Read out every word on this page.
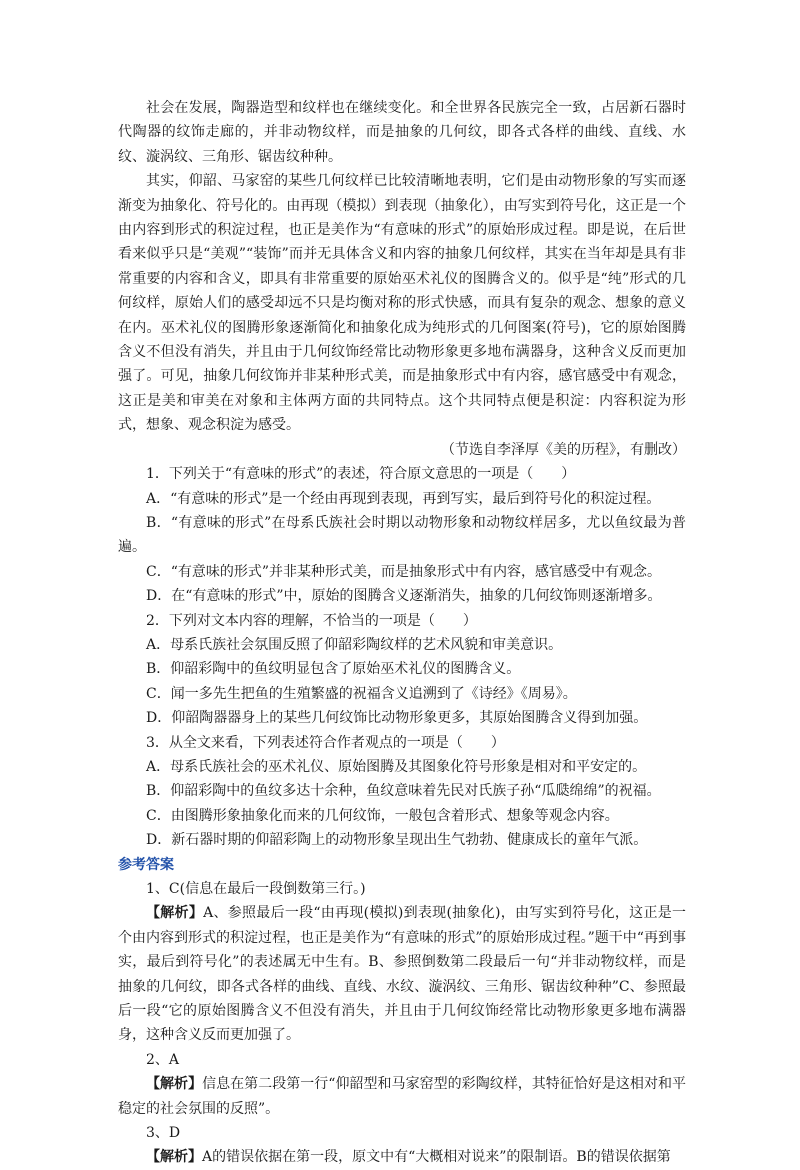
社会在发展，陶器造型和纹样也在继续变化。和全世界各民族完全一致，占居新石器时代陶器的纹饰走廊的，并非动物纹样，而是抽象的几何纹，即各式各样的曲线、直线、水纹、漩涡纹、三角形、锯齿纹种种。

其实，仰韶、马家窑的某些几何纹样已比较清晰地表明，它们是由动物形象的写实而逐渐变为抽象化、符号化的。由再现（模拟）到表现（抽象化），由写实到符号化，这正是一个由内容到形式的积淀过程，也正是美作为“有意味的形式”的原始形成过程。即是说，在后世看来似乎只是“美观”“装饰”而并无具体含义和内容的抽象几何纹样，其实在当年却是具有非常重要的内容和含义，即具有非常重要的原始巫术礼仪的图腾含义的。似乎是“纯”形式的几何纹样，原始人们的感受却远不只是均衡对称的形式快感，而具有复杂的观念、想象的意义在内。巫术礼仪的图腾形象逐渐简化和抽象化成为纯形式的几何图案(符号)，它的原始图腾含义不但没有消失，并且由于几何纹饰经常比动物形象更多地布满器身，这种含义反而更加强了。可见，抽象几何纹饰并非某种形式美，而是抽象形式中有内容，感官感受中有观念，这正是美和审美在对象和主体两方面的共同特点。这个共同特点便是积淀：内容积淀为形式，想象、观念积淀为感受。

（节选自李泽厚《美的历程》，有删改）

1．下列关于“有意味的形式”的表述，符合原文意思的一项是（　　）

A．“有意味的形式”是一个经由再现到表现，再到写实，最后到符号化的积淀过程。

B．“有意味的形式”在母系氏族社会时期以动物形象和动物纹样居多，尤以鱼纹最为普遍。

C．“有意味的形式”并非某种形式美，而是抽象形式中有内容，感官感受中有观念。

D．在“有意味的形式”中，原始的图腾含义逐渐消失，抽象的几何纹饰则逐渐增多。

2．下列对文本内容的理解，不恰当的一项是（　　）

A．母系氏族社会氛围反照了仰韶彩陶纹样的艺术风貌和审美意识。

B．仰韶彩陶中的鱼纹明显包含了原始巫术礼仪的图腾含义。

C．闻一多先生把鱼的生殖繁盛的祝福含义追溯到了《诗经》《周易》。

D．仰韶陶器器身上的某些几何纹饰比动物形象更多，其原始图腾含义得到加强。

3．从全文来看，下列表述符合作者观点的一项是（　　）

A．母系氏族社会的巫术礼仪、原始图腾及其图象化符号形象是相对和平安定的。

B．仰韶彩陶中的鱼纹多达十余种，鱼纹意味着先民对氏族子孙“瓜瓞绵绵”的祝福。

C．由图腾形象抽象化而来的几何纹饰，一般包含着形式、想象等观念内容。

D．新石器时期的仰韶彩陶上的动物形象呈现出生气勃勃、健康成长的童年气派。

参考答案

1、C(信息在最后一段倒数第三行。)

【解析】A、参照最后一段“由再现(模拟)到表现(抽象化)，由写实到符号化，这正是一个由内容到形式的积淀过程，也正是美作为“有意味的形式”的原始形成过程。”题干中“再到事实，最后到符号化”的表述属无中生有。B、参照倒数第二段最后一句“并非动物纹样，而是抽象的几何纹，即各式各样的曲线、直线、水纹、漩涡纹、三角形、锯齿纹种种”C、参照最后一段“它的原始图腾含义不但没有消失，并且由于几何纹饰经常比动物形象更多地布满器身，这种含义反而更加强了。

2、A

【解析】信息在第二段第一行“仰韶型和马家窑型的彩陶纹样，其特征恰好是这相对和平稳定的社会氛围的反照”。

3、D

【解析】A的错误依据在第一段，原文中有“大概相对说来”的限制语。B的错误依据第
